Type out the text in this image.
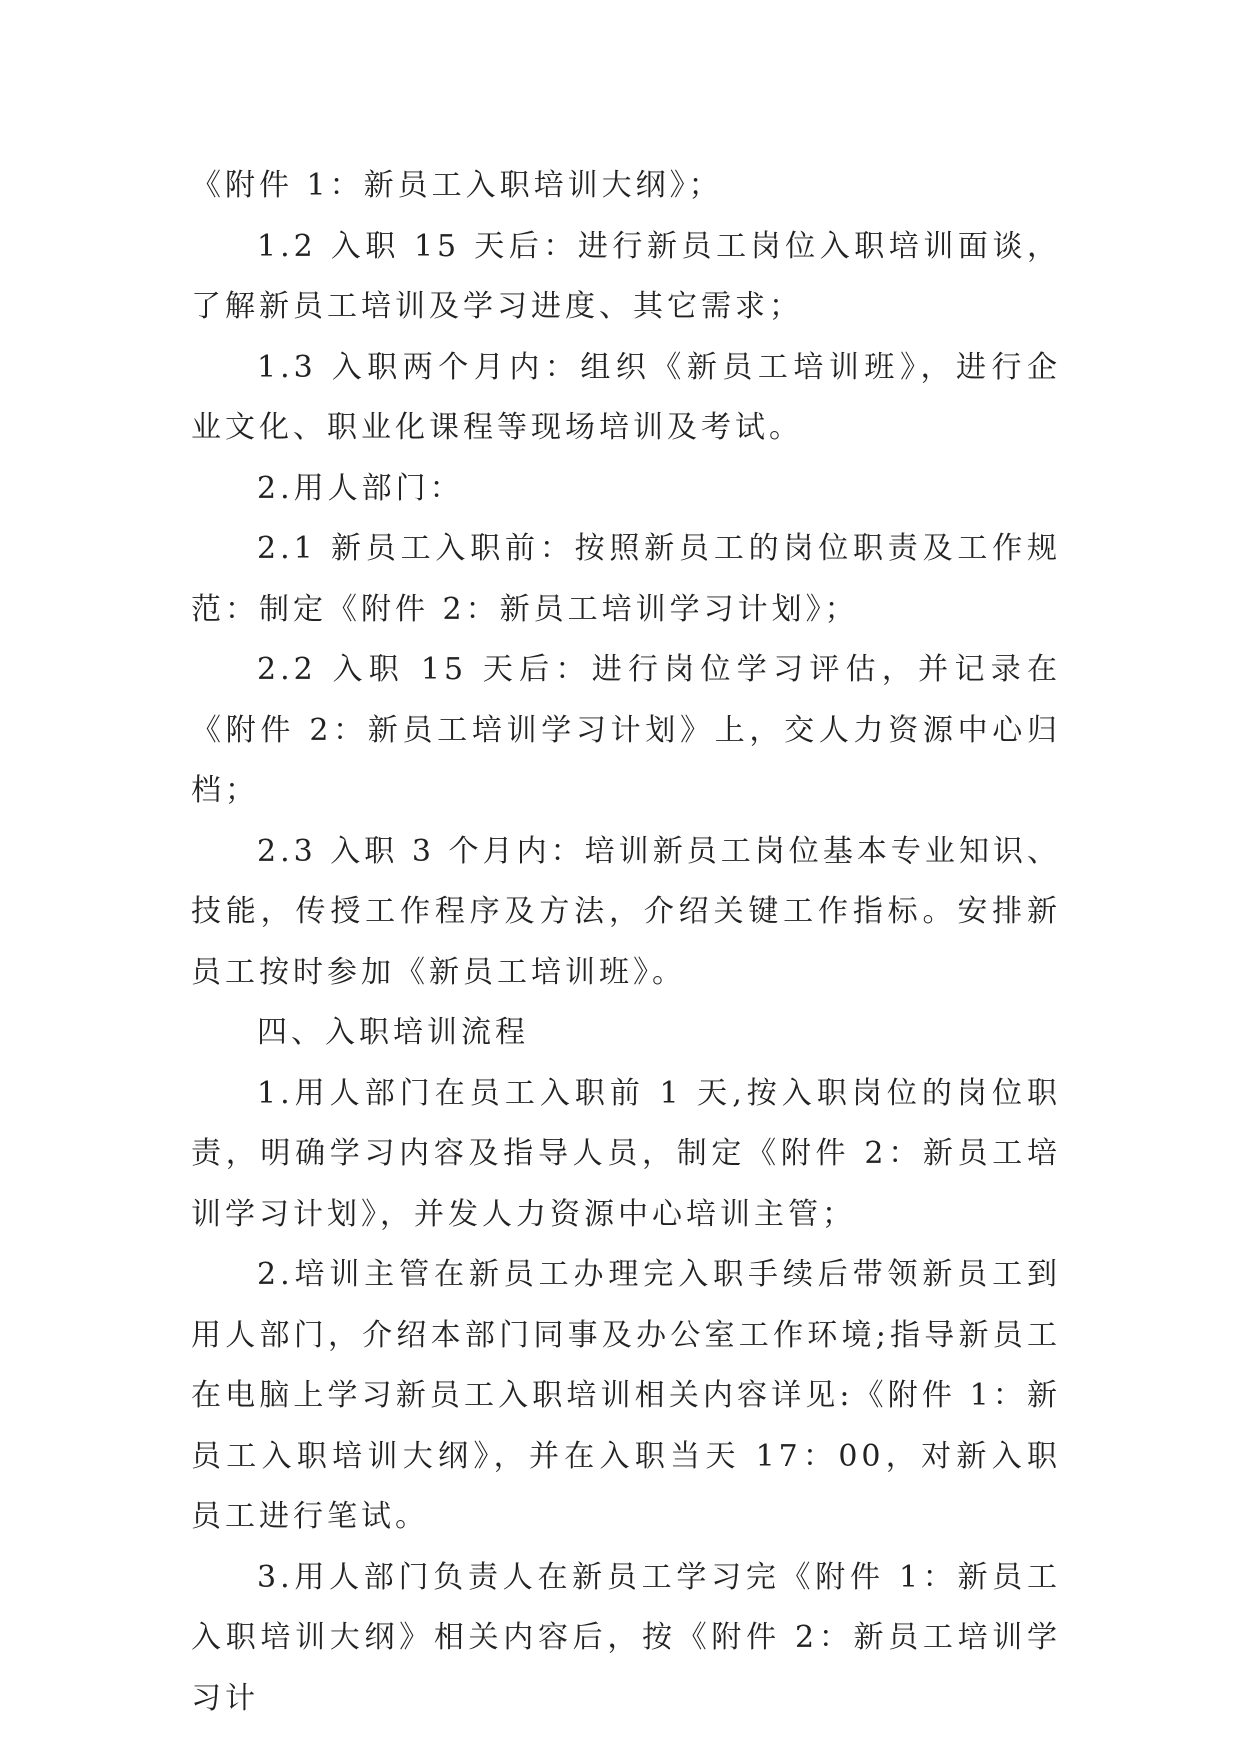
《附件 1：新员工入职培训大纲》；

1.2 入职 15 天后：进行新员工岗位入职培训面谈，了解新员工培训及学习进度、其它需求；

1.3 入职两个月内：组织《新员工培训班》，进行企业文化、职业化课程等现场培训及考试。

2.用人部门：

2.1 新员工入职前：按照新员工的岗位职责及工作规范：制定《附件 2：新员工培训学习计划》；

2.2 入职 15 天后：进行岗位学习评估，并记录在《附件 2：新员工培训学习计划》上，交人力资源中心归档；

2.3 入职 3 个月内：培训新员工岗位基本专业知识、技能，传授工作程序及方法，介绍关键工作指标。安排新员工按时参加《新员工培训班》。

四、入职培训流程

1.用人部门在员工入职前 1 天,按入职岗位的岗位职责，明确学习内容及指导人员，制定《附件 2：新员工培训学习计划》，并发人力资源中心培训主管；

2.培训主管在新员工办理完入职手续后带领新员工到用人部门，介绍本部门同事及办公室工作环境;指导新员工在电脑上学习新员工入职培训相关内容详见:《附件 1：新员工入职培训大纲》，并在入职当天 17：00，对新入职员工进行笔试。

3.用人部门负责人在新员工学习完《附件 1：新员工入职培训大纲》相关内容后，按《附件 2：新员工培训学习计
